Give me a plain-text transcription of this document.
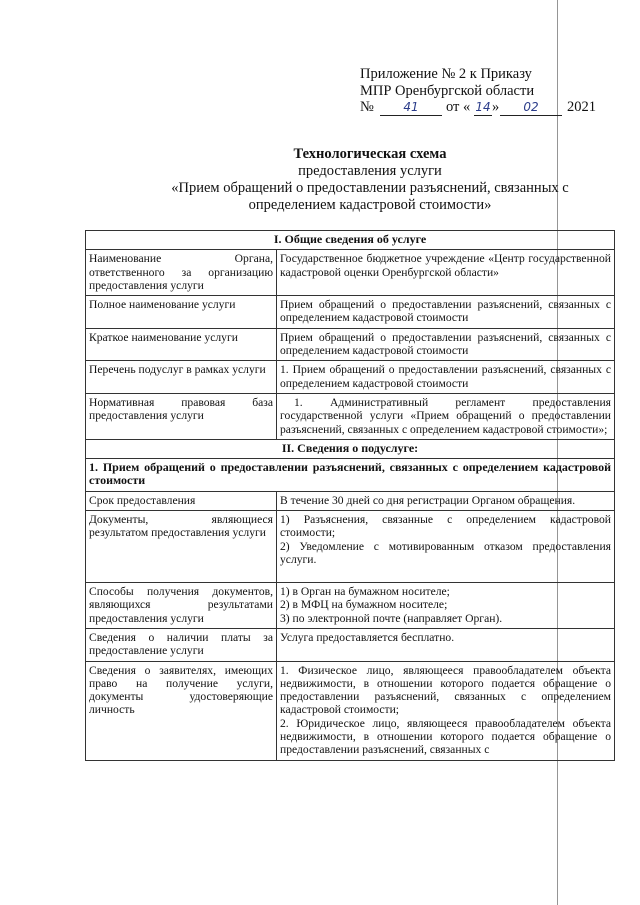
Приложение № 2 к Приказу
МПР Оренбургской области
№	41	от « 14 »	02	2021
Технологическая схема
предоставления услуги
«Прием обращений о предоставлении разъяснений, связанных с
определением кадастровой стоимости»
I. Общие сведения об услуге	
Наименование Органа, ответственного за организацию предоставления услуги	Государственное бюджетное учреждение «Центр государственной кадастровой оценки Оренбургской области»
Полное наименование услуги	Прием обращений о предоставлении разъяснений, связанных с определением кадастровой стоимости
Краткое наименование услуги	Прием обращений о предоставлении разъяснений, связанных с определением кадастровой стоимости
Перечень подуслуг в рамках услуги	1. Прием обращений о предоставлении разъяснений, связанных с определением кадастровой стоимости
Нормативная правовая база предоставления услуги	1. Административный регламент предоставления государственной услуги «Прием обращений о предоставлении разъяснений, связанных с определением кадастровой стоимости»;
II. Сведения о подуслуге:	
1. Прием обращений о предоставлении разъяснений, связанных с определением кадастровой стоимости	
Срок предоставления	В течение 30 дней со дня регистрации Органом обращения.

Документы, являющиеся результатом предоставления услуги	1) Разъяснения, связанные с определением кадастровой стоимости;
2) Уведомление с мотивированным отказом предоставления услуги.

Способы получения документов, являющихся результатами предоставления услуги	1) в Орган на бумажном носителе;
2) в МФЦ на бумажном носителе;
3) по электронной почте (направляет Орган).

Сведения о наличии платы за предоставление услуги	Услуга предоставляется бесплатно.

Сведения о заявителях, имеющих право на получение услуги, документы удостоверяющие личность	1. Физическое лицо, являющееся правообладателем объекта недвижимости, в отношении которого подается обращение о предоставлении разъяснений, связанных с определением кадастровой стоимости;
2. Юридическое лицо, являющееся правообладателем объекта недвижимости, в отношении которого подается обращение о предоставлении разъяснений, связанных с
